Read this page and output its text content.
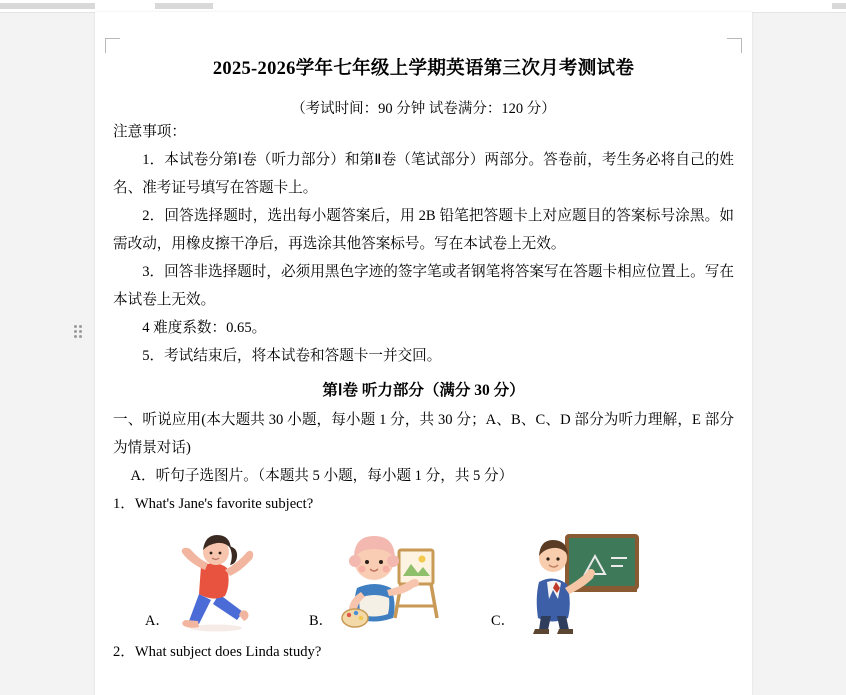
2025-2026学年七年级上学期英语第三次月考测试卷

（考试时间：90 分钟 试卷满分：120 分）

注意事项：

1．本试卷分第Ⅰ卷（听力部分）和第Ⅱ卷（笔试部分）两部分。答卷前，考生务必将自己的姓名、准考证号填写在答题卡上。

2．回答选择题时，选出每小题答案后，用 2B 铅笔把答题卡上对应题目的答案标号涂黑。如需改动，用橡皮擦干净后，再选涂其他答案标号。写在本试卷上无效。

3．回答非选择题时，必须用黑色字迹的签字笔或者钢笔将答案写在答题卡相应位置上。写在本试卷上无效。

4 难度系数：0.65。

5．考试结束后，将本试卷和答题卡一并交回。

第Ⅰ卷 听力部分（满分 30 分）

一、听说应用(本大题共 30 小题，每小题 1 分，共 30 分；A、B、C、D 部分为听力理解，E 部分为情景对话)

A．听句子选图片。（本题共 5 小题，每小题 1 分，共 5 分）

1．What's Jane's favorite subject?

A．	B．	C．

2．What subject does Linda study?
